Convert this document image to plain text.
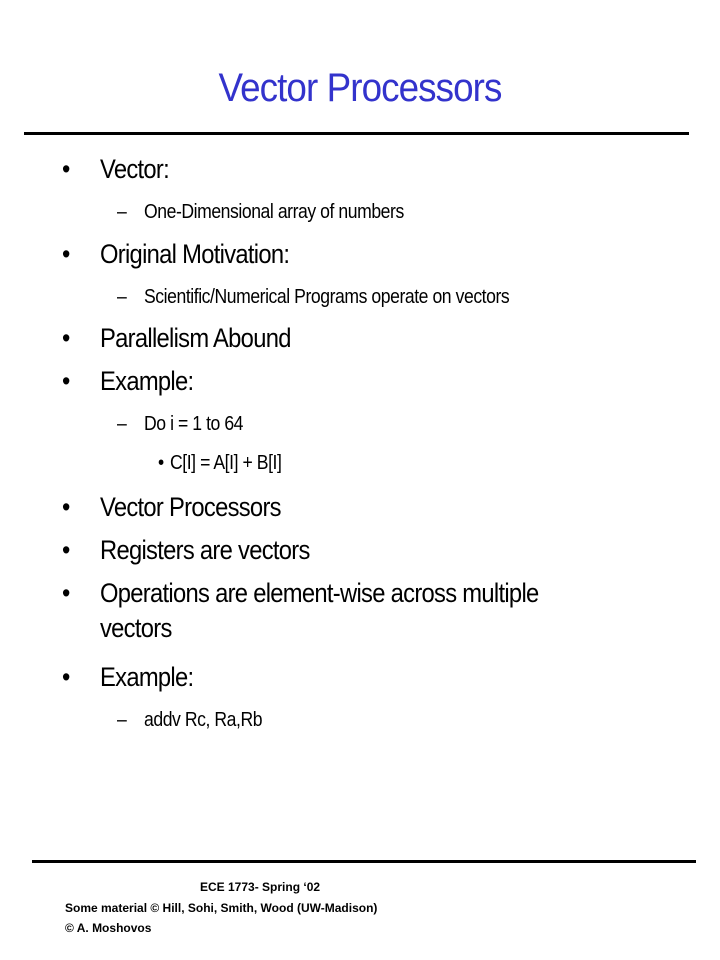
Vector Processors
• Vector:
– One-Dimensional array of numbers
• Original Motivation:
– Scientific/Numerical Programs operate on vectors
• Parallelism Abound
• Example:
– Do i = 1 to 64
• C[I] = A[I] + B[I]
• Vector Processors
• Registers are vectors
• Operations are element-wise across multiple
vectors
• Example:
– addv Rc, Ra,Rb
ECE 1773- Spring ‘02
Some material © Hill, Sohi, Smith, Wood (UW-Madison)
© A. Moshovos
